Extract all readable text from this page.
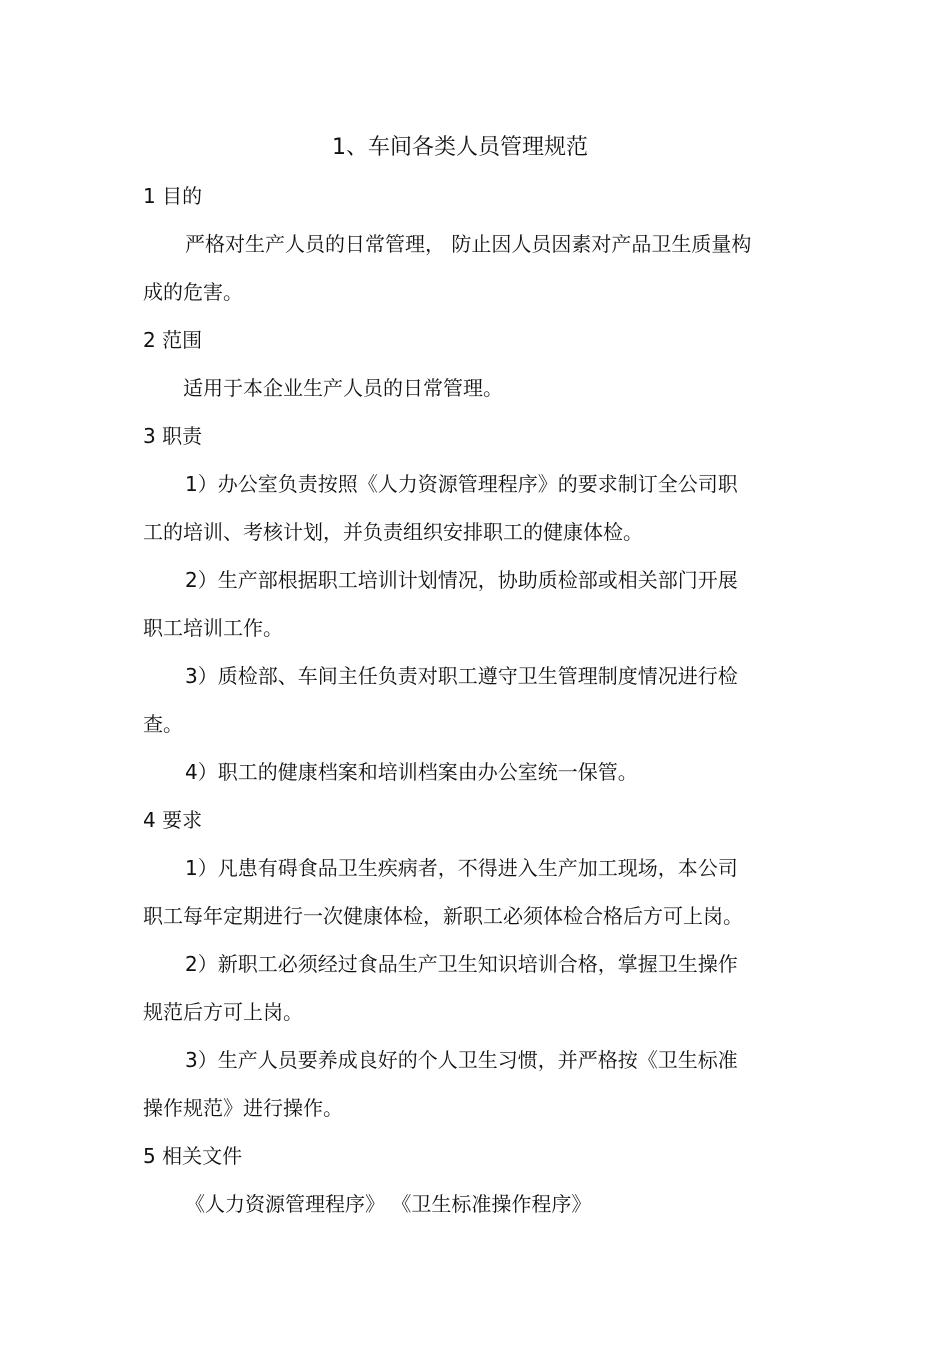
1、车间各类人员管理规范
1 目的
严格对生产人员的日常管理， 防止因人员因素对产品卫生质量构
成的危害。
2 范围
适用于本企业生产人员的日常管理。
3 职责
1）办公室负责按照《人力资源管理程序》的要求制订全公司职
工的培训、考核计划，并负责组织安排职工的健康体检。
2）生产部根据职工培训计划情况，协助质检部或相关部门开展
职工培训工作。
3）质检部、车间主任负责对职工遵守卫生管理制度情况进行检
查。
4）职工的健康档案和培训档案由办公室统一保管。
4 要求
1）凡患有碍食品卫生疾病者，不得进入生产加工现场，本公司
职工每年定期进行一次健康体检，新职工必须体检合格后方可上岗。
2）新职工必须经过食品生产卫生知识培训合格，掌握卫生操作
规范后方可上岗。
3）生产人员要养成良好的个人卫生习惯，并严格按《卫生标准
操作规范》进行操作。
5 相关文件
《人力资源管理程序》 《卫生标准操作程序》
